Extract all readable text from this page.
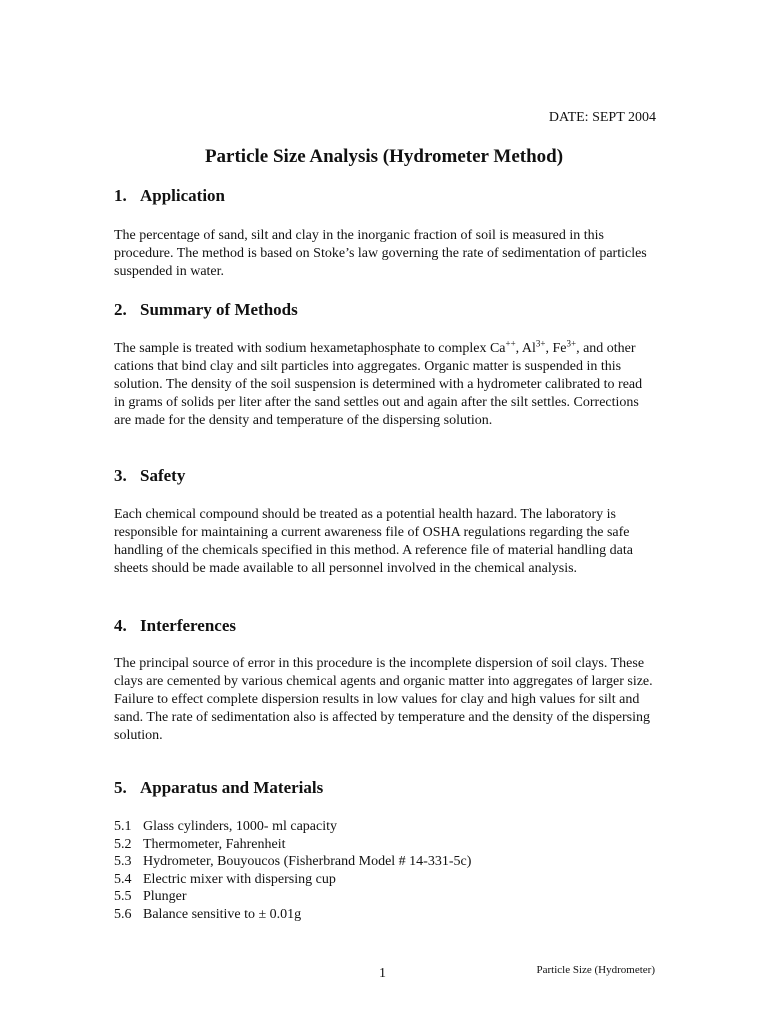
DATE: SEPT 2004
Particle Size Analysis (Hydrometer Method)
1. Application

The percentage of sand, silt and clay in the inorganic fraction of soil is measured in this procedure. The method is based on Stoke’s law governing the rate of sedimentation of particles suspended in water.

2. Summary of Methods

The sample is treated with sodium hexametaphosphate to complex Ca++, $Al^{3+}$, $Fe^{3+}$, and other cations that bind clay and silt particles into aggregates. Organic matter is suspended in this solution. The density of the soil suspension is determined with a hydrometer calibrated to read in grams of solids per liter after the sand settles out and again after the silt settles. Corrections are made for the density and temperature of the dispersing solution.

3. Safety

Each chemical compound should be treated as a potential health hazard. The laboratory is responsible for maintaining a current awareness file of OSHA regulations regarding the safe handling of the chemicals specified in this method. A reference file of material handling data sheets should be made available to all personnel involved in the chemical analysis.

4. Interferences

The principal source of error in this procedure is the incomplete dispersion of soil clays. These clays are cemented by various chemical agents and organic matter into aggregates of larger size. Failure to effect complete dispersion results in low values for clay and high values for silt and sand. The rate of sedimentation also is affected by temperature and the density of the dispersing solution.

5. Apparatus and Materials
5.1 Glass cylinders, 1000- ml capacity
5.2 Thermometer, Fahrenheit
5.3 Hydrometer, Bouyoucos (Fisherbrand Model # 14-331-5c)
5.4 Electric mixer with dispersing cup
5.5 Plunger
5.6 Balance sensitive to ± 0.01g
1	Particle Size (Hydrometer)
